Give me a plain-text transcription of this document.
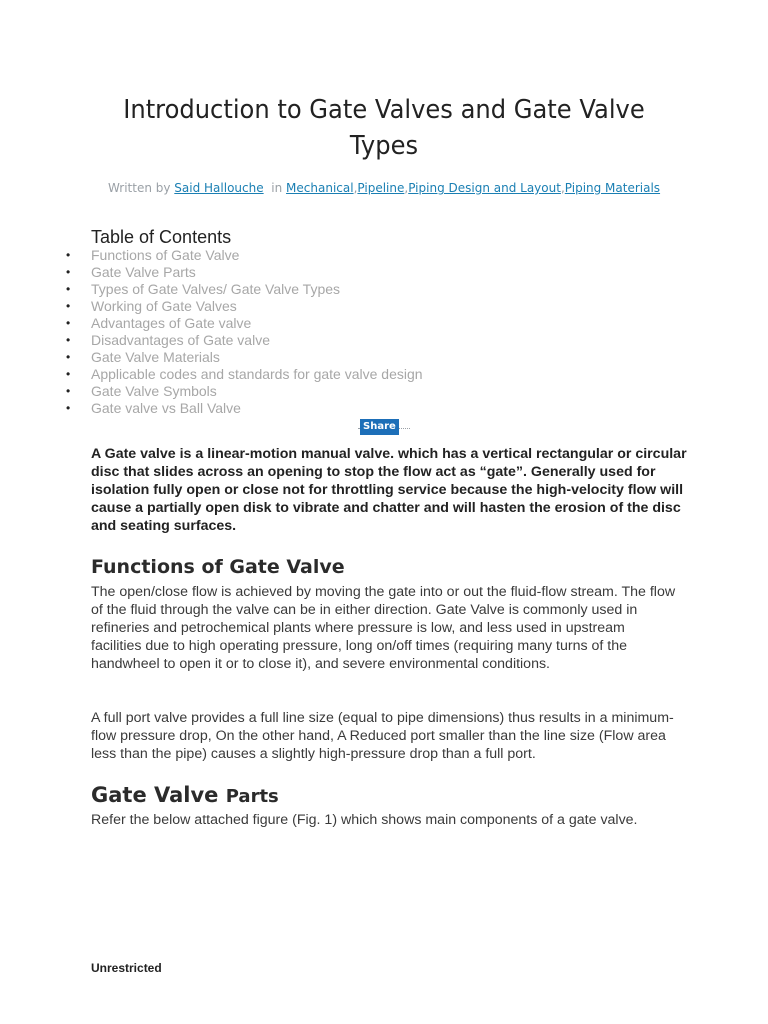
Introduction to Gate Valves and Gate Valve Types
Written by Said Hallouche in Mechanical,Pipeline,Piping Design and Layout,Piping Materials
Table of Contents
• Functions of Gate Valve
• Gate Valve Parts
• Types of Gate Valves/ Gate Valve Types
• Working of Gate Valves
• Advantages of Gate valve
• Disadvantages of Gate valve
• Gate Valve Materials
• Applicable codes and standards for gate valve design
• Gate Valve Symbols
• Gate valve vs Ball Valve
Share

A Gate valve is a linear-motion manual valve. which has a vertical rectangular or circular disc that slides across an opening to stop the flow act as “gate”. Generally used for isolation fully open or close not for throttling service because the high-velocity flow will cause a partially open disk to vibrate and chatter and will hasten the erosion of the disc and seating surfaces.

Functions of Gate Valve

The open/close flow is achieved by moving the gate into or out the fluid-flow stream. The flow of the fluid through the valve can be in either direction. Gate Valve is commonly used in refineries and petrochemical plants where pressure is low, and less used in upstream facilities due to high operating pressure, long on/off times (requiring many turns of the handwheel to open it or to close it), and severe environmental conditions.

A full port valve provides a full line size (equal to pipe dimensions) thus results in a minimum-flow pressure drop, On the other hand, A Reduced port smaller than the line size (Flow area less than the pipe) causes a slightly high-pressure drop than a full port.

Gate Valve Parts

Refer the below attached figure (Fig. 1) which shows main components of a gate valve.

Unrestricted
